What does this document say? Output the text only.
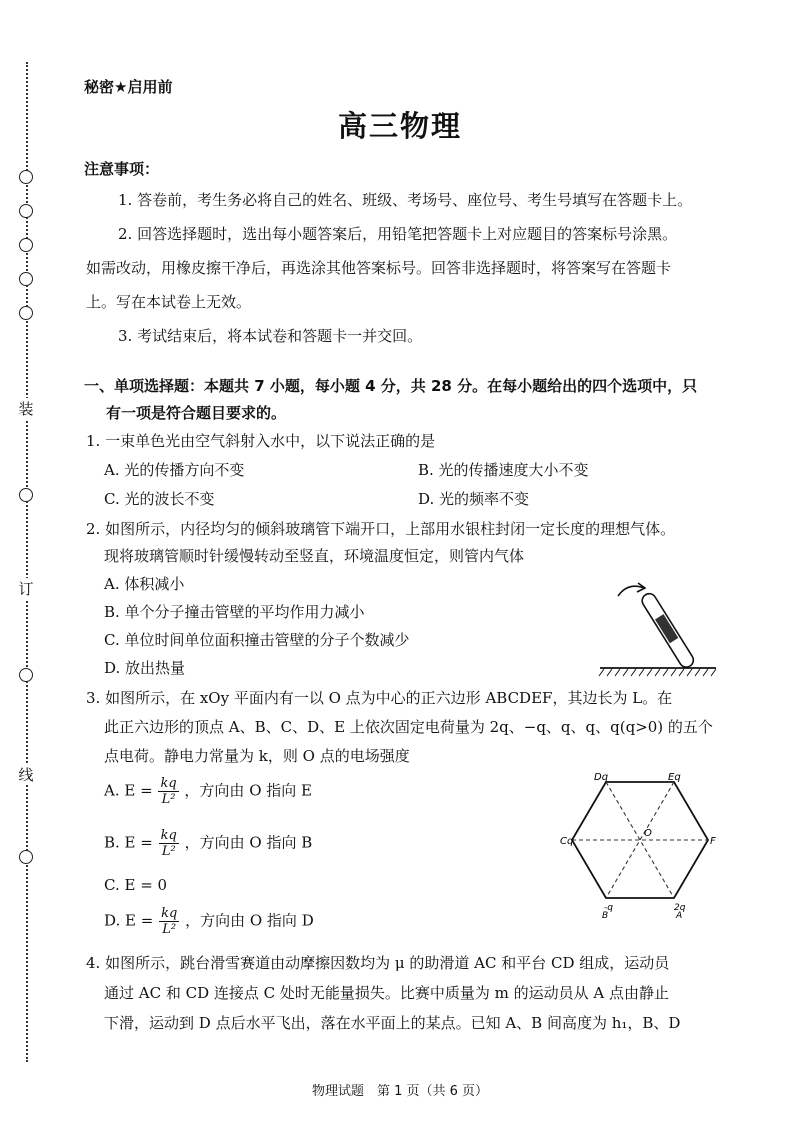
装
订
线
秘密★启用前
高三物理
注意事项：
1. 答卷前，考生务必将自己的姓名、班级、考场号、座位号、考生号填写在答题卡上。
2. 回答选择题时，选出每小题答案后，用铅笔把答题卡上对应题目的答案标号涂黑。
如需改动，用橡皮擦干净后，再选涂其他答案标号。回答非选择题时，将答案写在答题卡
上。写在本试卷上无效。
3. 考试结束后，将本试卷和答题卡一并交回。
一、单项选择题：本题共 7 小题，每小题 4 分，共 28 分。在每小题给出的四个选项中，只
有一项是符合题目要求的。
1. 一束单色光由空气斜射入水中，以下说法正确的是
A. 光的传播方向不变	B. 光的传播速度大小不变
C. 光的波长不变	D. 光的频率不变
2. 如图所示，内径均匀的倾斜玻璃管下端开口，上部用水银柱封闭一定长度的理想气体。
现将玻璃管顺时针缓慢转动至竖直，环境温度恒定，则管内气体
A. 体积减小
B. 单个分子撞击管壁的平均作用力减小
C. 单位时间单位面积撞击管壁的分子个数减少
D. 放出热量
3. 如图所示，在 xOy 平面内有一以 O 点为中心的正六边形 ABCDEF，其边长为 L。在
此正六边形的顶点 A、B、C、D、E 上依次固定电荷量为 2q、−q、q、q、q(q>0) 的五个
点电荷。静电力常量为 k，则 O 点的电场强度
A. $E = \frac{kq}{\text{L²}}$ ，方向由 O 指向 E
B. $E = \frac{kq}{\text{L²}}$ ，方向由 O 指向 B
C. E = 0
D. $E = \frac{kq}{\text{L²}}$ ，方向由 O 指向 D
Dq	Eq
Cq	F
O
-q
B
2q
A
4. 如图所示，跳台滑雪赛道由动摩擦因数均为 μ 的助滑道 AC 和平台 CD 组成，运动员
通过 AC 和 CD 连接点 C 处时无能量损失。比赛中质量为 m 的运动员从 A 点由静止
下滑，运动到 D 点后水平飞出，落在水平面上的某点。已知 A、B 间高度为 h₁，B、D
物理试题　第 1 页（共 6 页）
